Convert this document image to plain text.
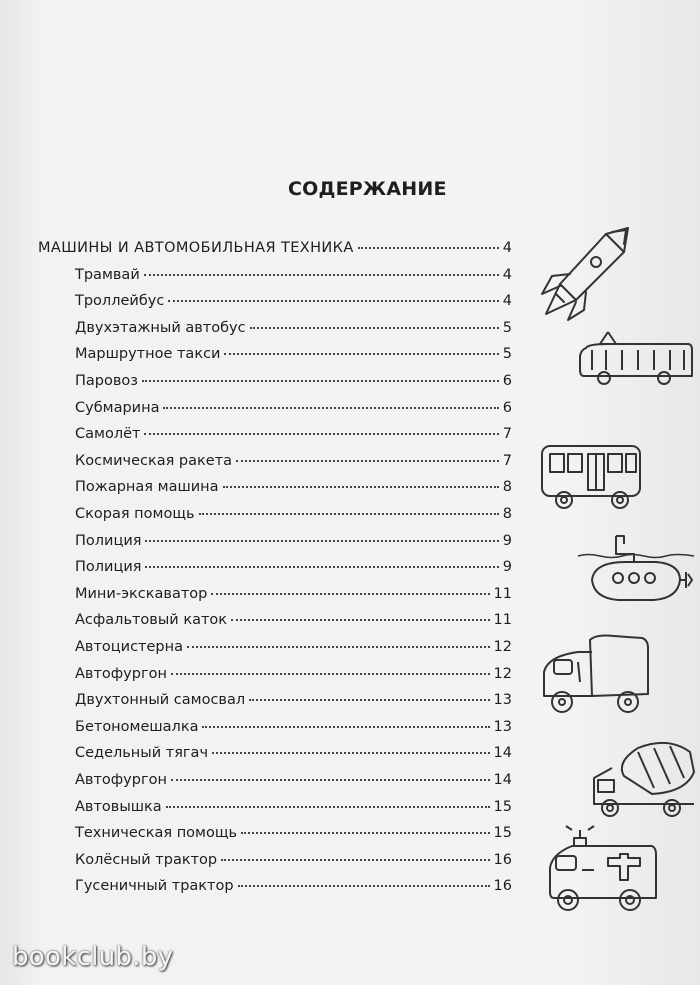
СОДЕРЖАНИЕ
МАШИНЫ И АВТОМОБИЛЬНАЯ ТЕХНИКА	4
Трамвай	4
Троллейбус	4
Двухэтажный автобус	5
Маршрутное такси	5
Паровоз	6
Субмарина	6
Самолёт	7
Космическая ракета	7
Пожарная машина	8
Скорая помощь	8
Полиция	9
Полиция	9
Мини-экскаватор	11
Асфальтовый каток	11
Автоцистерна	12
Автофургон	12
Двухтонный самосвал	13
Бетономешалка	13
Седельный тягач	14
Автофургон	14
Автовышка	15
Техническая помощь	15
Колёсный трактор	16
Гусеничный трактор	16
bookclub.by
